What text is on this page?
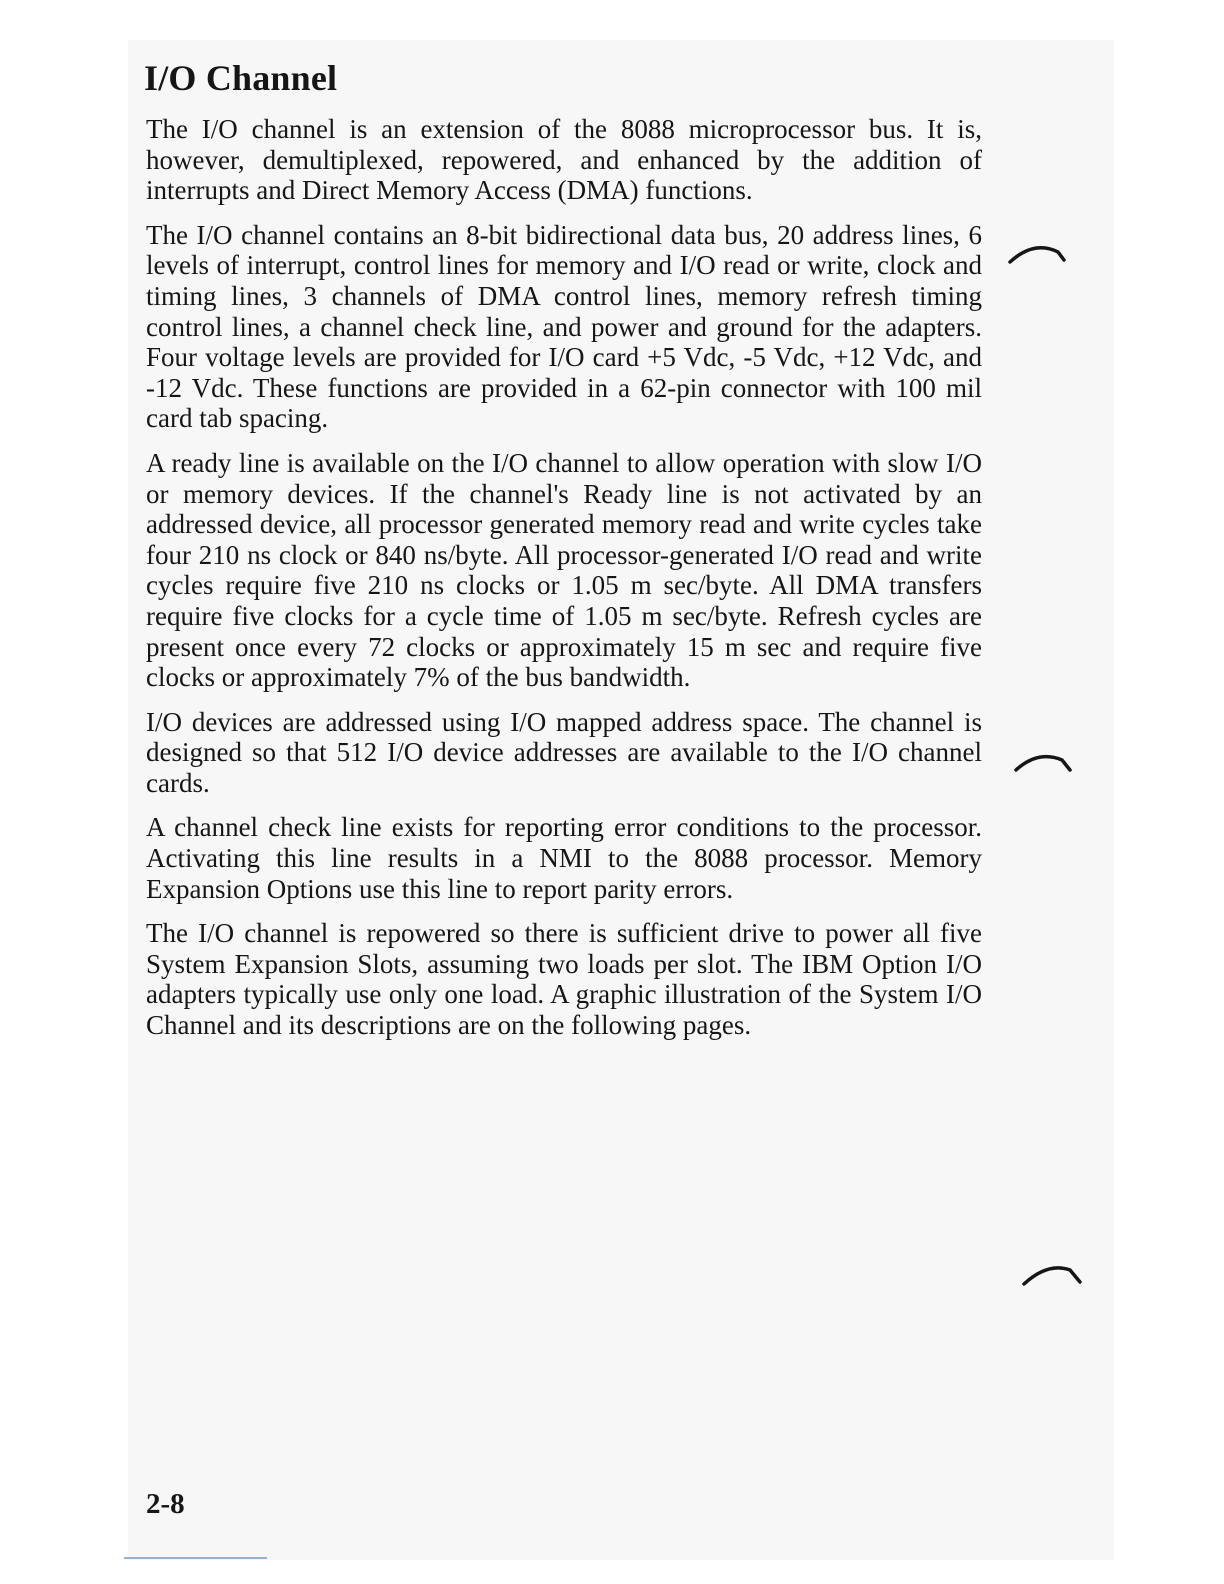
I/O Channel

The I/O channel is an extension of the 8088 microprocessor bus. It is, however, demultiplexed, repowered, and enhanced by the addition of interrupts and Direct Memory Access (DMA) functions.

The I/O channel contains an 8-bit bidirectional data bus, 20 address lines, 6 levels of interrupt, control lines for memory and I/O read or write, clock and timing lines, 3 channels of DMA control lines, memory refresh timing control lines, a channel check line, and power and ground for the adapters. Four voltage levels are provided for I/O card +5 Vdc, -5 Vdc, +12 Vdc, and -12 Vdc. These functions are provided in a 62-pin connector with 100 mil card tab spacing.

A ready line is available on the I/O channel to allow operation with slow I/O or memory devices. If the channel's Ready line is not activated by an addressed device, all processor generated memory read and write cycles take four 210 ns clock or 840 ns/byte. All processor-generated I/O read and write cycles require five 210 ns clocks or 1.05 m sec/byte. All DMA transfers require five clocks for a cycle time of 1.05 m sec/byte. Refresh cycles are present once every 72 clocks or approximately 15 m sec and require five clocks or approximately 7% of the bus bandwidth.

I/O devices are addressed using I/O mapped address space. The channel is designed so that 512 I/O device addresses are available to the I/O channel cards.

A channel check line exists for reporting error conditions to the processor. Activating this line results in a NMI to the 8088 processor. Memory Expansion Options use this line to report parity errors.

The I/O channel is repowered so there is sufficient drive to power all five System Expansion Slots, assuming two loads per slot. The IBM Option I/O adapters typically use only one load. A graphic illustration of the System I/O Channel and its descriptions are on the following pages.

2-8
